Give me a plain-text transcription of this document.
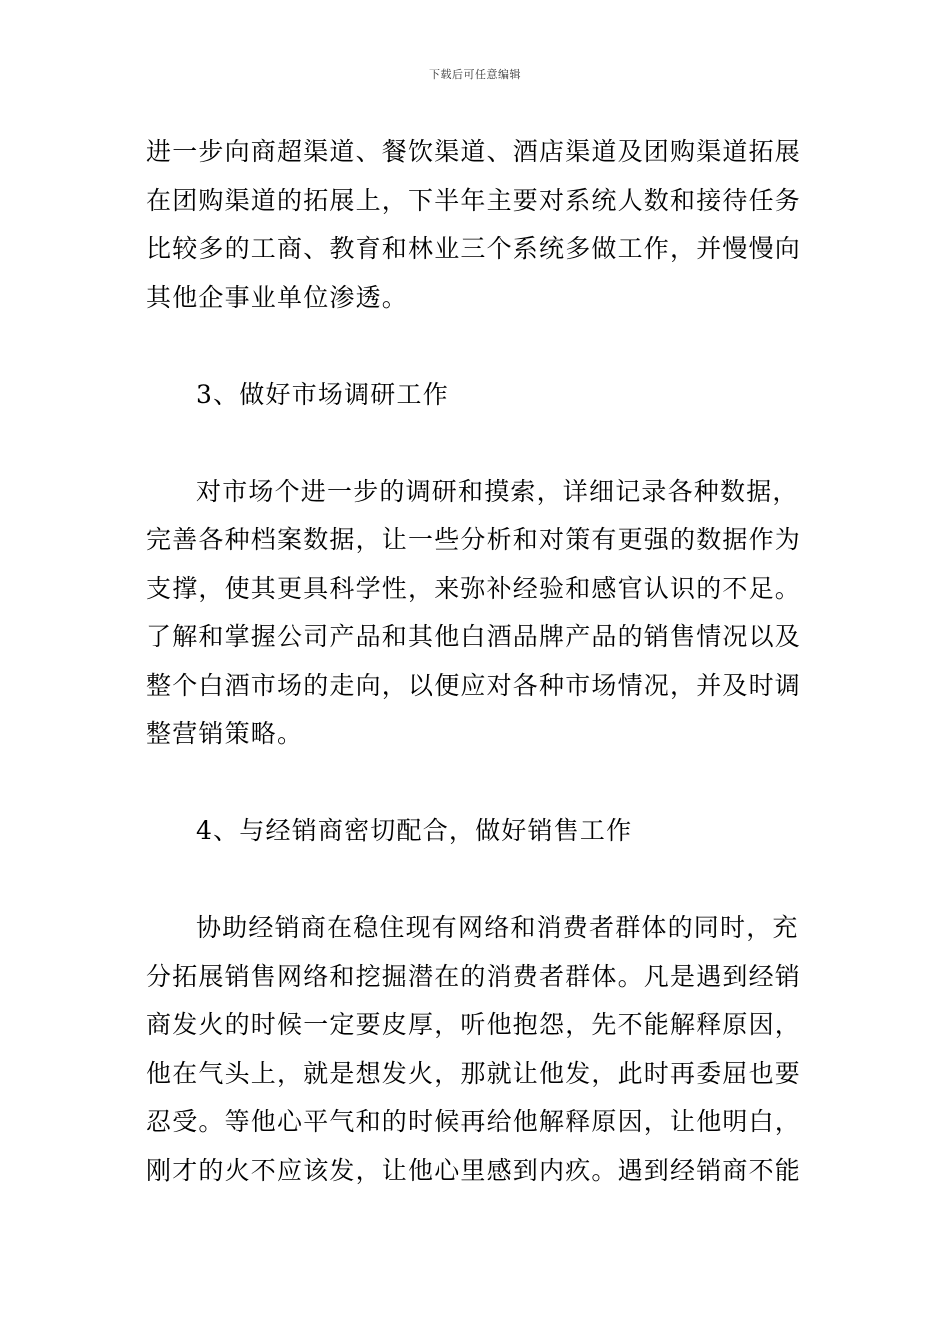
下载后可任意编辑
进一步向商超渠道、餐饮渠道、酒店渠道及团购渠道拓展
在团购渠道的拓展上，下半年主要对系统人数和接待任务
比较多的工商、教育和林业三个系统多做工作，并慢慢向
其他企事业单位渗透。
3、做好市场调研工作
对市场个进一步的调研和摸索，详细记录各种数据，
完善各种档案数据，让一些分析和对策有更强的数据作为
支撑，使其更具科学性，来弥补经验和感官认识的不足。
了解和掌握公司产品和其他白酒品牌产品的销售情况以及
整个白酒市场的走向，以便应对各种市场情况，并及时调
整营销策略。
4、与经销商密切配合，做好销售工作
协助经销商在稳住现有网络和消费者群体的同时，充
分拓展销售网络和挖掘潜在的消费者群体。凡是遇到经销
商发火的时候一定要皮厚，听他抱怨，先不能解释原因，
他在气头上，就是想发火，那就让他发，此时再委屈也要
忍受。等他心平气和的时候再给他解释原因，让他明白，
刚才的火不应该发，让他心里感到内疚。遇到经销商不能
